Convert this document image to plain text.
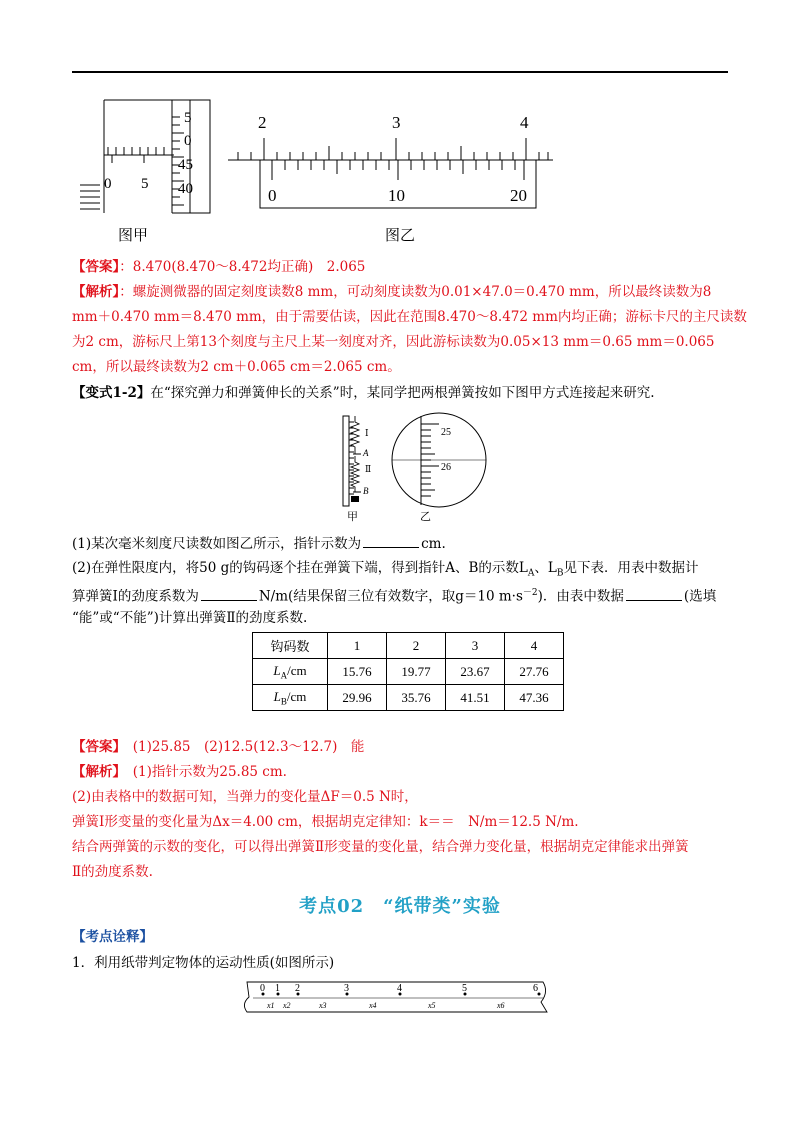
5
0
45
40
0 5
2	3	4
0	10	20
图甲	图乙
【答案】：8.470(8.470～8.472均正确)　2.065
【解析】：螺旋测微器的固定刻度读数8 mm，可动刻度读数为0.01×47.0＝0.470 mm，所以最终读数为8
mm＋0.470 mm＝8.470 mm，由于需要估读，因此在范围8.470～8.472 mm内均正确；游标卡尺的主尺读数
为2 cm，游标尺上第13个刻度与主尺上某一刻度对齐，因此游标读数为0.05×13 mm＝0.65 mm＝0.065
cm，所以最终读数为2 cm＋0.065 cm＝2.065 cm。
【变式1-2】在“探究弹力和弹簧伸长的关系”时，某同学把两根弹簧按如下图甲方式连接起来研究.
Ⅰ
A
Ⅱ
B
25
26
甲	乙
(1)某次毫米刻度尺读数如图乙所示，指针示数为	cm.
(2)在弹性限度内，将50 g的钩码逐个挂在弹簧下端，得到指针A、B的示数$L_A$、$L_B$见下表．用表中数据计
算弹簧Ⅰ的劲度系数为	N/m(结果保留三位有效数字，取g＝10 $m\cdot s^{-2}$)．由表中数据	(选填
“能”或“不能”)计算出弹簧Ⅱ的劲度系数.
钩码数	1	2	3	4
$L_A/cm$	15.76	19.77	23.67	27.76
$L_B/cm$	29.96	35.76	41.51	47.36
【答案】　(1)25.85　(2)12.5(12.3～12.7)　能
【解析】　(1)指针示数为25.85 cm.
(2)由表格中的数据可知，当弹力的变化量ΔF＝0.5 N时，
弹簧Ⅰ形变量的变化量为Δx＝4.00 cm，根据胡克定律知：k＝＝　N/m＝12.5 N/m.
结合两弹簧的示数的变化，可以得出弹簧Ⅱ形变量的变化量，结合弹力变化量，根据胡克定律能求出弹簧
Ⅱ的劲度系数.
考点02　“纸带类”实验
【考点诠释】
1．利用纸带判定物体的运动性质(如图所示)
0 1 2	3	4	5	6
x1 x2	x3	x4	x5	x6
